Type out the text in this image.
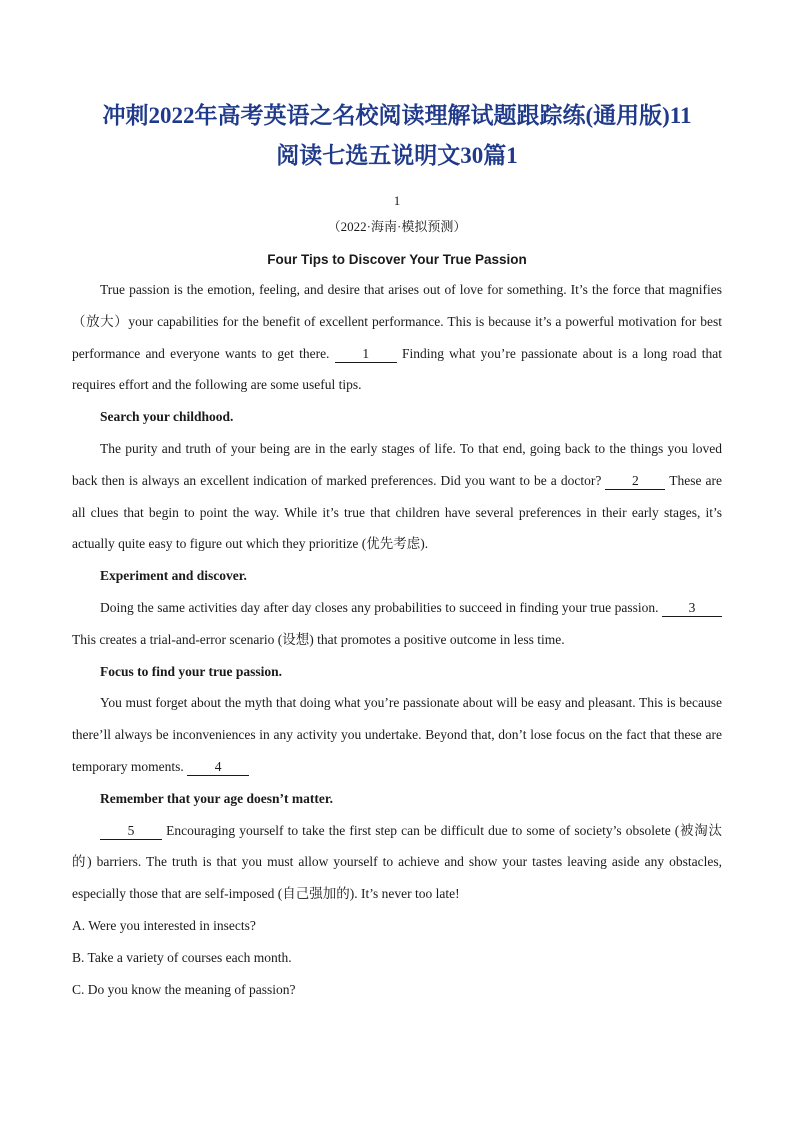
冲刺2022年高考英语之名校阅读理解试题跟踪练(通用版)11
阅读七选五说明文30篇1
1
（2022·海南·模拟预测）
Four Tips to Discover Your True Passion

True passion is the emotion, feeling, and desire that arises out of love for something. It’s the force that magnifies（放大）your capabilities for the benefit of excellent performance. This is because it’s a powerful motivation for best performance and everyone wants to get there. 1 Finding what you’re passionate about is a long road that requires effort and the following are some useful tips.

Search your childhood.

The purity and truth of your being are in the early stages of life. To that end, going back to the things you loved back then is always an excellent indication of marked preferences. Did you want to be a doctor? 2 These are all clues that begin to point the way. While it’s true that children have several preferences in their early stages, it’s actually quite easy to figure out which they prioritize (优先考虑).

Experiment and discover.

Doing the same activities day after day closes any probabilities to succeed in finding your true passion. 3 This creates a trial-and-error scenario (设想) that promotes a positive outcome in less time.

Focus to find your true passion.

You must forget about the myth that doing what you’re passionate about will be easy and pleasant. This is because there’ll always be inconveniences in any activity you undertake. Beyond that, don’t lose focus on the fact that these are temporary moments. 4

Remember that your age doesn’t matter.

5 Encouraging yourself to take the first step can be difficult due to some of society’s obsolete (被淘汰的) barriers. The truth is that you must allow yourself to achieve and show your tastes leaving aside any obstacles, especially those that are self-imposed (自己强加的). It’s never too late!

A. Were you interested in insects?

B. Take a variety of courses each month.

C. Do you know the meaning of passion?
